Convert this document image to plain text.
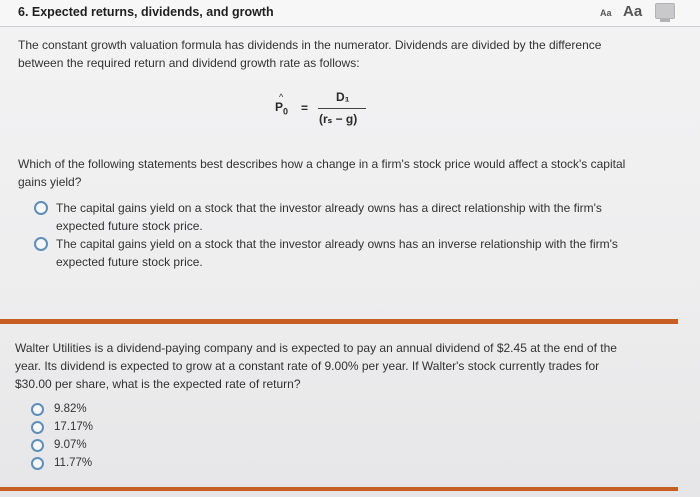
6. Expected returns, dividends, and growth	Aa Aa
The constant growth valuation formula has dividends in the numerator. Dividends are divided by the difference
between the required return and dividend growth rate as follows:
$P_0$
^
=
D₁
(rₛ − g)
Which of the following statements best describes how a change in a firm's stock price would affect a stock's capital
gains yield?
The capital gains yield on a stock that the investor already owns has a direct relationship with the firm's
expected future stock price.
The capital gains yield on a stock that the investor already owns has an inverse relationship with the firm's
expected future stock price.
Walter Utilities is a dividend-paying company and is expected to pay an annual dividend of $2.45 at the end of the
year. Its dividend is expected to grow at a constant rate of 9.00% per year. If Walter's stock currently trades for
$30.00 per share, what is the expected rate of return?
9.82%
17.17%
9.07%
11.77%
